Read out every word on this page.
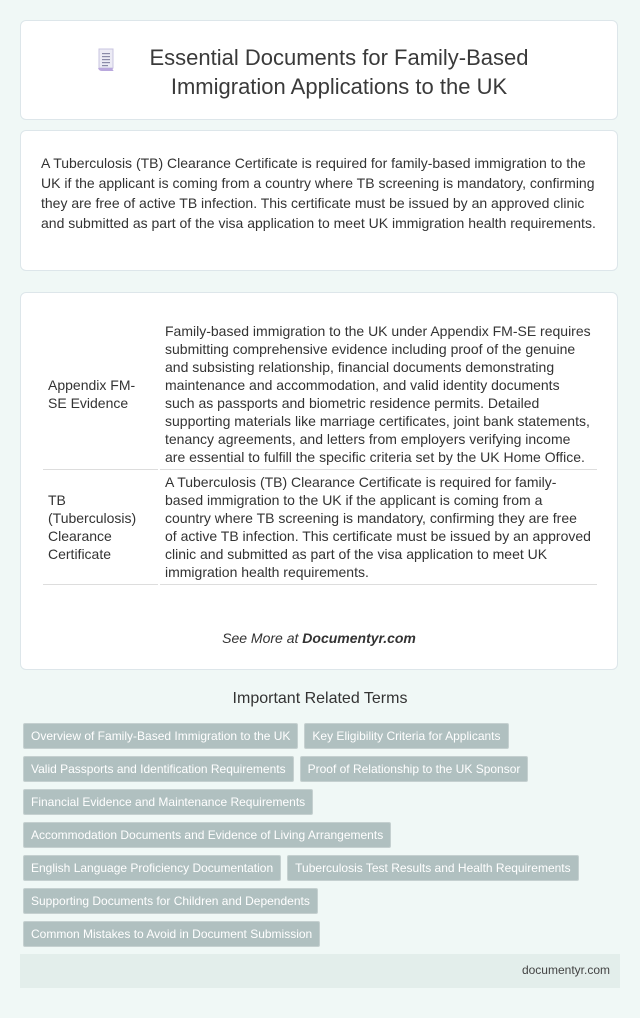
Essential Documents for Family-Based Immigration Applications to the UK
A Tuberculosis (TB) Clearance Certificate is required for family-based immigration to the UK if the applicant is coming from a country where TB screening is mandatory, confirming they are free of active TB infection. This certificate must be issued by an approved clinic and submitted as part of the visa application to meet UK immigration health requirements.
Appendix FM-SE Evidence	Family-based immigration to the UK under Appendix FM-SE requires submitting comprehensive evidence including proof of the genuine and subsisting relationship, financial documents demonstrating maintenance and accommodation, and valid identity documents such as passports and biometric residence permits. Detailed supporting materials like marriage certificates, joint bank statements, tenancy agreements, and letters from employers verifying income are essential to fulfill the specific criteria set by the UK Home Office.
TB (Tuberculosis) Clearance Certificate	A Tuberculosis (TB) Clearance Certificate is required for family-based immigration to the UK if the applicant is coming from a country where TB screening is mandatory, confirming they are free of active TB infection. This certificate must be issued by an approved clinic and submitted as part of the visa application to meet UK immigration health requirements.
See More at Documentyr.com
Important Related Terms
Overview of Family-Based Immigration to the UK	Key Eligibility Criteria for Applicants
Valid Passports and Identification Requirements	Proof of Relationship to the UK Sponsor
Financial Evidence and Maintenance Requirements
Accommodation Documents and Evidence of Living Arrangements
English Language Proficiency Documentation	Tuberculosis Test Results and Health Requirements
Supporting Documents for Children and Dependents
Common Mistakes to Avoid in Document Submission
documentyr.com
